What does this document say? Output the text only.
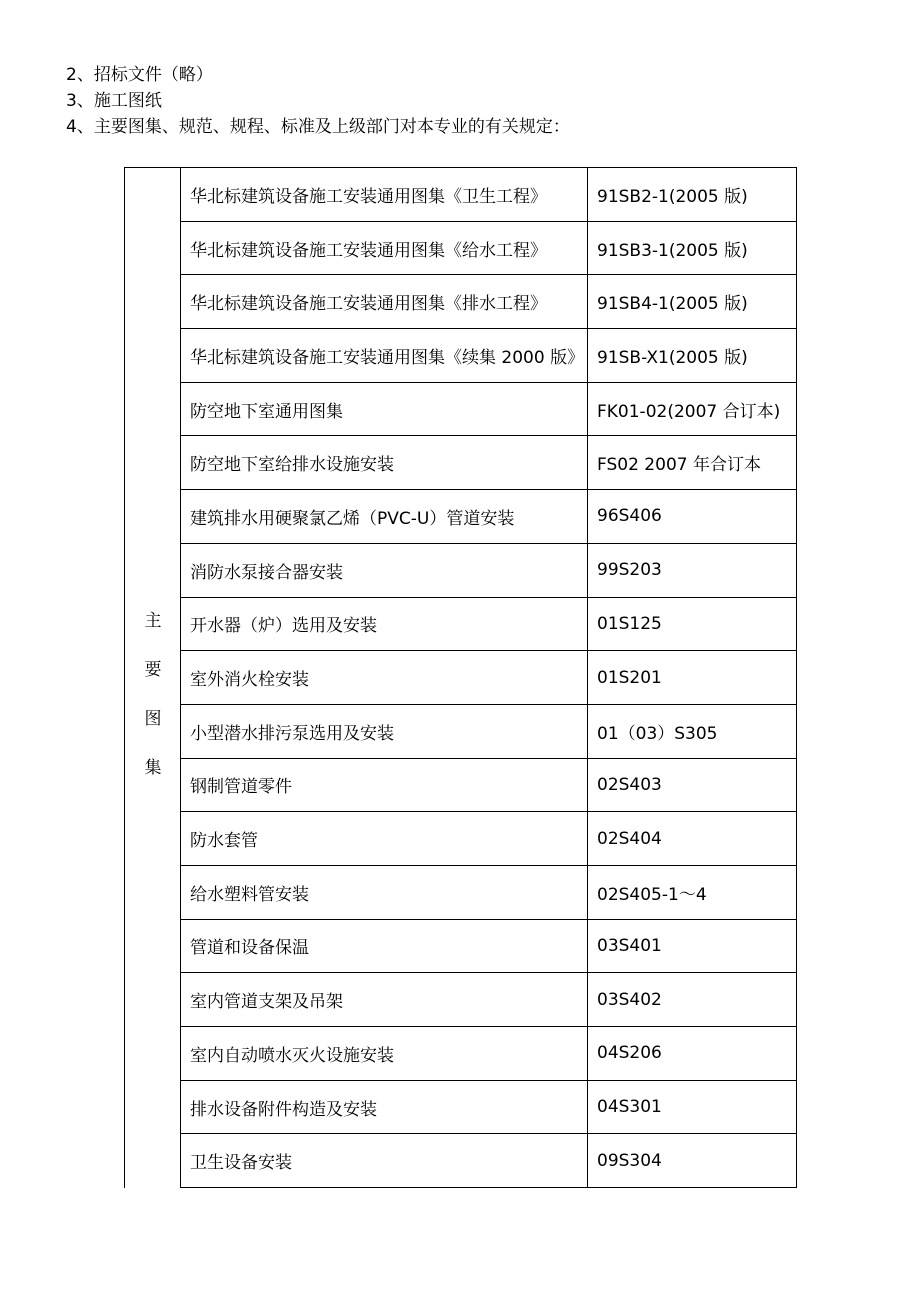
2、招标文件（略）
3、施工图纸
4、主要图集、规范、规程、标准及上级部门对本专业的有关规定：
主
要
图
集
华北标建筑设备施工安装通用图集《卫生工程》	91SB2-1(2005 版)
华北标建筑设备施工安装通用图集《给水工程》	91SB3-1(2005 版)
华北标建筑设备施工安装通用图集《排水工程》	91SB4-1(2005 版)
华北标建筑设备施工安装通用图集《续集 2000 版》	91SB-X1(2005 版)
防空地下室通用图集	FK01-02(2007 合订本)
防空地下室给排水设施安装	FS02 2007 年合订本
建筑排水用硬聚氯乙烯（PVC-U）管道安装	96S406
消防水泵接合器安装	99S203
开水器（炉）选用及安装	01S125
室外消火栓安装	01S201
小型潜水排污泵选用及安装	01（03）S305
钢制管道零件	02S403
防水套管	02S404
给水塑料管安装	02S405-1～4
管道和设备保温	03S401
室内管道支架及吊架	03S402
室内自动喷水灭火设施安装	04S206
排水设备附件构造及安装	04S301
卫生设备安装	09S304
